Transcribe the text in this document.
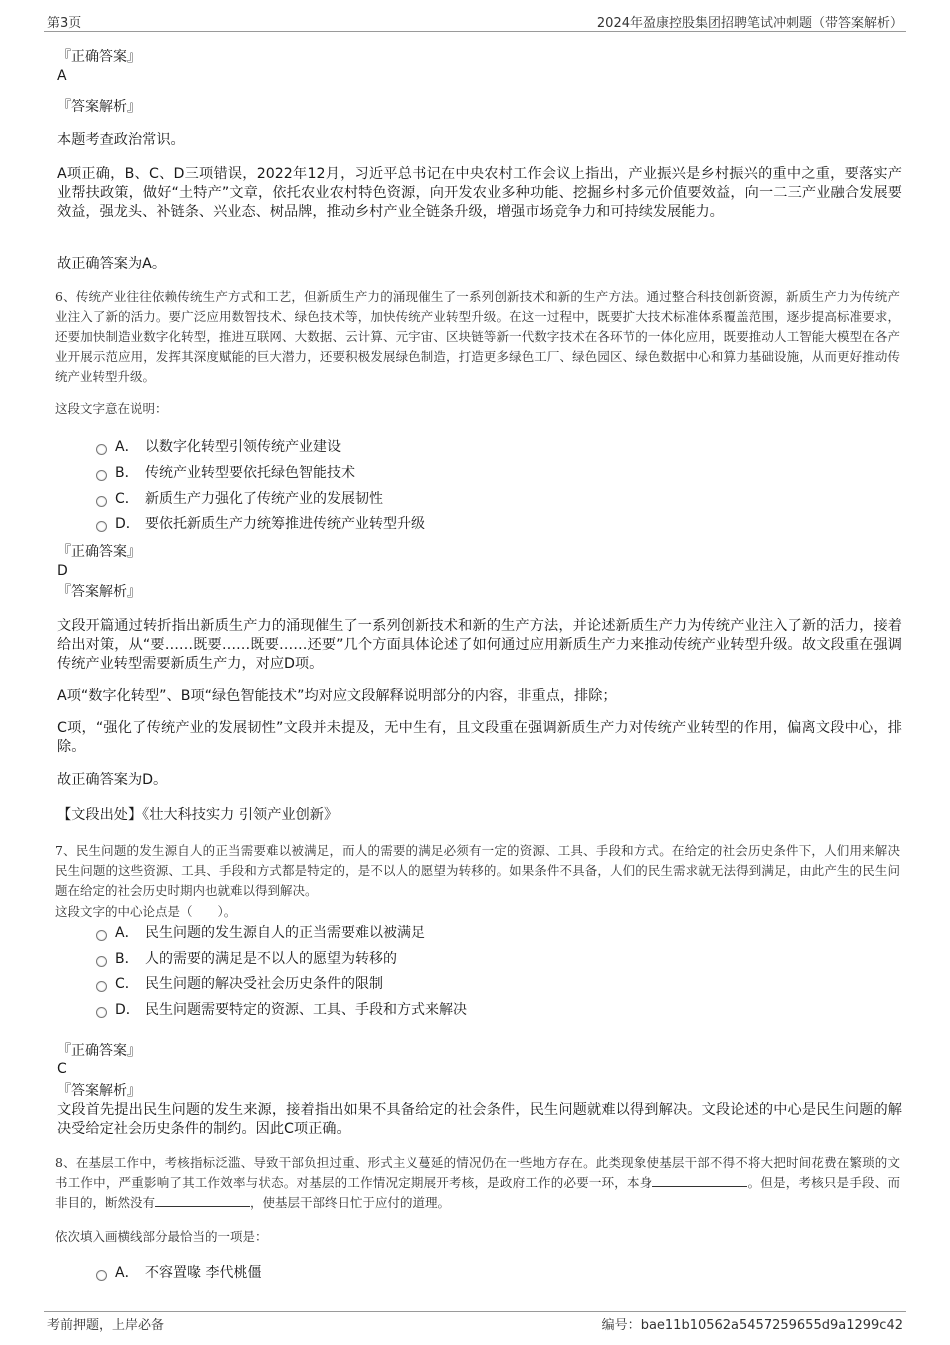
第3页	2024年盈康控股集团招聘笔试冲刺题（带答案解析）
『正确答案』
A
『答案解析』
本题考查政治常识。
A项正确，B、C、D三项错误，2022年12月，习近平总书记在中央农村工作会议上指出，产业振兴是乡村振兴的重中之重，要落实产业帮扶政策，做好“土特产”文章，依托农业农村特色资源，向开发农业多种功能、挖掘乡村多元价值要效益，向一二三产业融合发展要效益，强龙头、补链条、兴业态、树品牌，推动乡村产业全链条升级，增强市场竞争力和可持续发展能力。
故正确答案为A。
6、传统产业往往依赖传统生产方式和工艺，但新质生产力的涌现催生了一系列创新技术和新的生产方法。通过整合科技创新资源，新质生产力为传统产业注入了新的活力。要广泛应用数智技术、绿色技术等，加快传统产业转型升级。在这一过程中，既要扩大技术标准体系覆盖范围，逐步提高标准要求，还要加快制造业数字化转型，推进互联网、大数据、云计算、元宇宙、区块链等新一代数字技术在各环节的一体化应用，既要推动人工智能大模型在各产业开展示范应用，发挥其深度赋能的巨大潜力，还要积极发展绿色制造，打造更多绿色工厂、绿色园区、绿色数据中心和算力基础设施，从而更好推动传统产业转型升级。
这段文字意在说明：
A． 以数字化转型引领传统产业建设
B． 传统产业转型要依托绿色智能技术
C． 新质生产力强化了传统产业的发展韧性
D． 要依托新质生产力统筹推进传统产业转型升级
『正确答案』
D
『答案解析』
文段开篇通过转折指出新质生产力的涌现催生了一系列创新技术和新的生产方法，并论述新质生产力为传统产业注入了新的活力，接着给出对策，从“要……既要……既要……还要”几个方面具体论述了如何通过应用新质生产力来推动传统产业转型升级。故文段重在强调传统产业转型需要新质生产力，对应D项。
A项“数字化转型”、B项“绿色智能技术”均对应文段解释说明部分的内容，非重点，排除；
C项，“强化了传统产业的发展韧性”文段并未提及，无中生有，且文段重在强调新质生产力对传统产业转型的作用，偏离文段中心，排除。
故正确答案为D。
【文段出处】《壮大科技实力 引领产业创新》
7、民生问题的发生源自人的正当需要难以被满足，而人的需要的满足必须有一定的资源、工具、手段和方式。在给定的社会历史条件下，人们用来解决民生问题的这些资源、工具、手段和方式都是特定的，是不以人的愿望为转移的。如果条件不具备，人们的民生需求就无法得到满足，由此产生的民生问题在给定的社会历史时期内也就难以得到解决。
这段文字的中心论点是（　　）。
A． 民生问题的发生源自人的正当需要难以被满足
B． 人的需要的满足是不以人的愿望为转移的
C． 民生问题的解决受社会历史条件的限制
D． 民生问题需要特定的资源、工具、手段和方式来解决
『正确答案』
C
『答案解析』
文段首先提出民生问题的发生来源，接着指出如果不具备给定的社会条件，民生问题就难以得到解决。文段论述的中心是民生问题的解决受给定社会历史条件的制约。因此C项正确。
8、在基层工作中，考核指标泛滥、导致干部负担过重、形式主义蔓延的情况仍在一些地方存在。此类现象使基层干部不得不将大把时间花费在繁琐的文书工作中，严重影响了其工作效率与状态。对基层的工作情况定期展开考核，是政府工作的必要一环，本身	。但是，考核只是手段、而非目的，断然没有	，使基层干部终日忙于应付的道理。
依次填入画横线部分最恰当的一项是：
A． 不容置喙 李代桃僵
考前押题，上岸必备	编号：bae11b10562a5457259655d9a1299c42
